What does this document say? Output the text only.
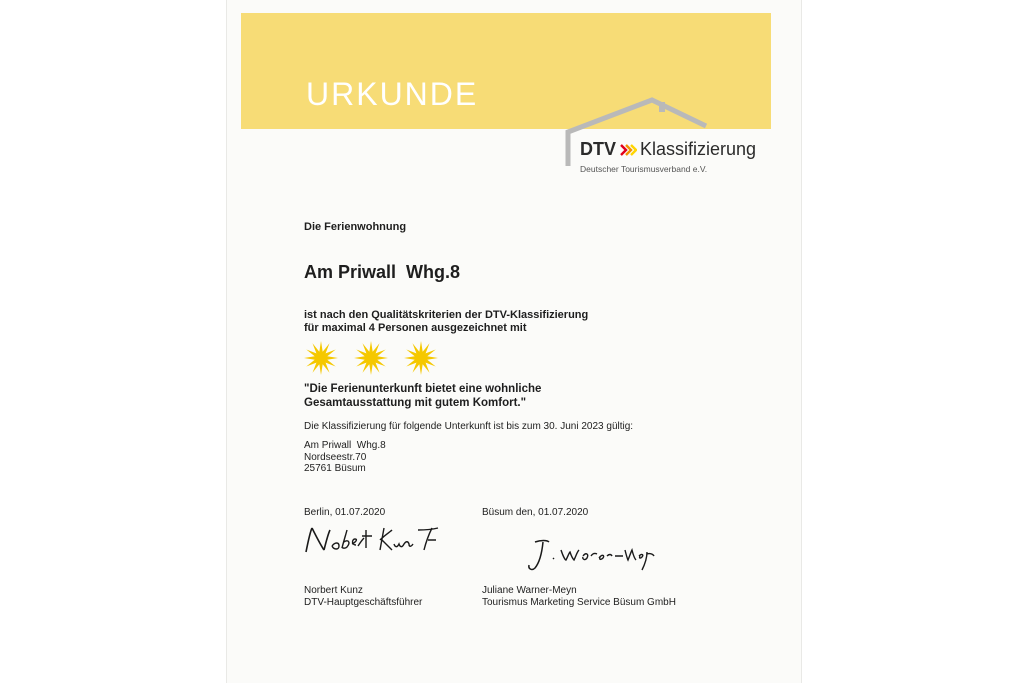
URKUNDE
DTV Klassifizierung
Deutscher Tourismusverband e.V.
Die Ferienwohnung
Am Priwall  Whg.8
ist nach den Qualitätskriterien der DTV-Klassifizierung
für maximal 4 Personen ausgezeichnet mit
"Die Ferienunterkunft bietet eine wohnliche
Gesamtausstattung mit gutem Komfort."
Die Klassifizierung für folgende Unterkunft ist bis zum 30. Juni 2023 gültig:
Am Priwall  Whg.8
Nordseestr.70
25761 Büsum
Berlin, 01.07.2020	Büsum den, 01.07.2020
Norbert Kunz
DTV-Hauptgeschäftsführer
Juliane Warner-Meyn
Tourismus Marketing Service Büsum GmbH
